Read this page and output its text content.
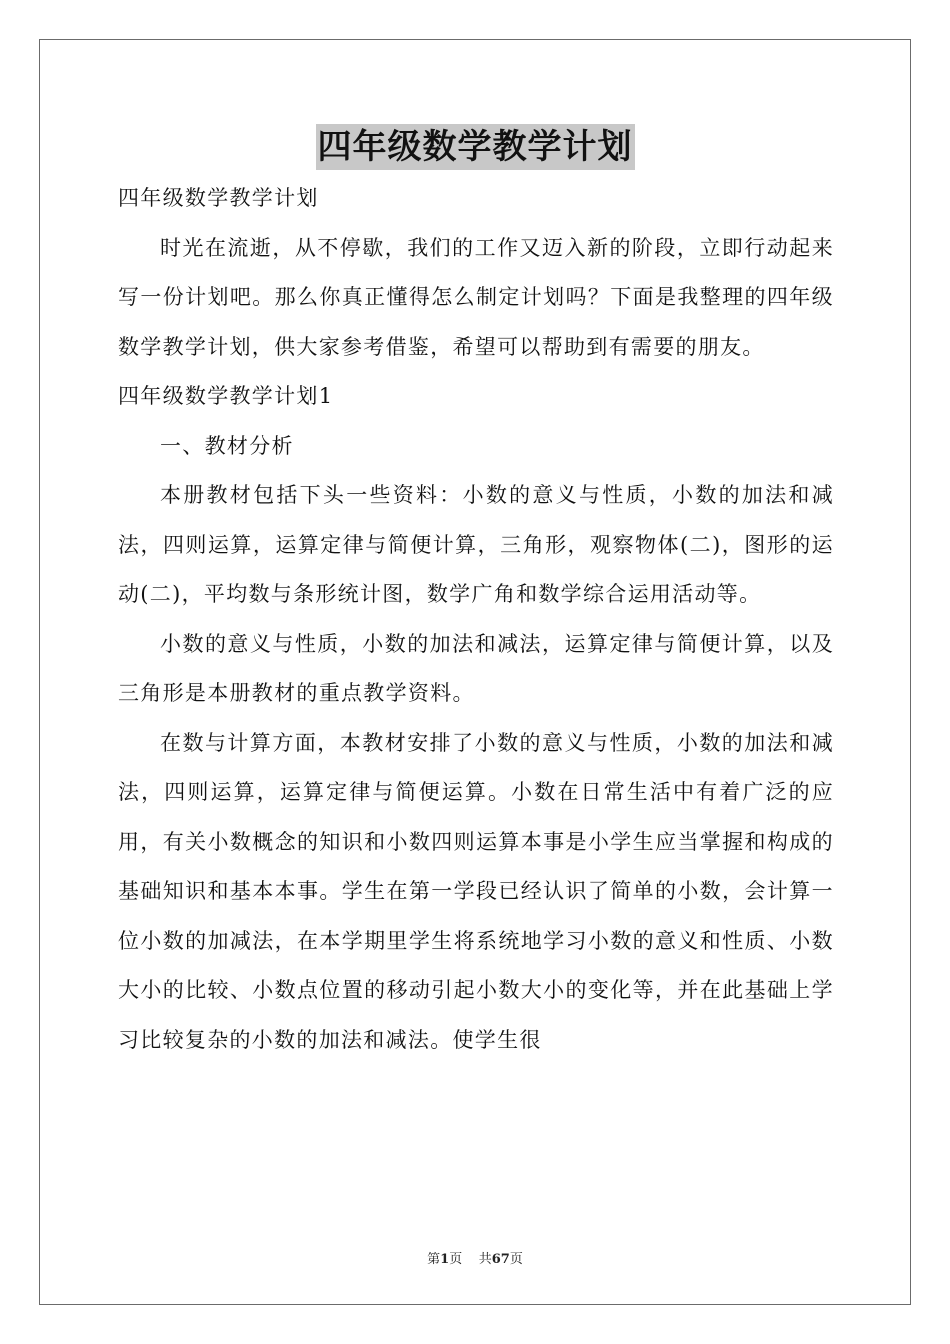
四年级数学教学计划
四年级数学教学计划

时光在流逝，从不停歇，我们的工作又迈入新的阶段，立即行动起来写一份计划吧。那么你真正懂得怎么制定计划吗？下面是我整理的四年级数学教学计划，供大家参考借鉴，希望可以帮助到有需要的朋友。

四年级数学教学计划1
一、教材分析

本册教材包括下头一些资料：小数的意义与性质，小数的加法和减法，四则运算，运算定律与简便计算，三角形，观察物体(二)，图形的运动(二)，平均数与条形统计图，数学广角和数学综合运用活动等。

小数的意义与性质，小数的加法和减法，运算定律与简便计算，以及三角形是本册教材的重点教学资料。

在数与计算方面，本教材安排了小数的意义与性质，小数的加法和减法，四则运算，运算定律与简便运算。小数在日常生活中有着广泛的应用，有关小数概念的知识和小数四则运算本事是小学生应当掌握和构成的基础知识和基本本事。学生在第一学段已经认识了简单的小数，会计算一位小数的加减法，在本学期里学生将系统地学习小数的意义和性质、小数大小的比较、小数点位置的移动引起小数大小的变化等，并在此基础上学习比较复杂的小数的加法和减法。使学生很

第1页 共67页
